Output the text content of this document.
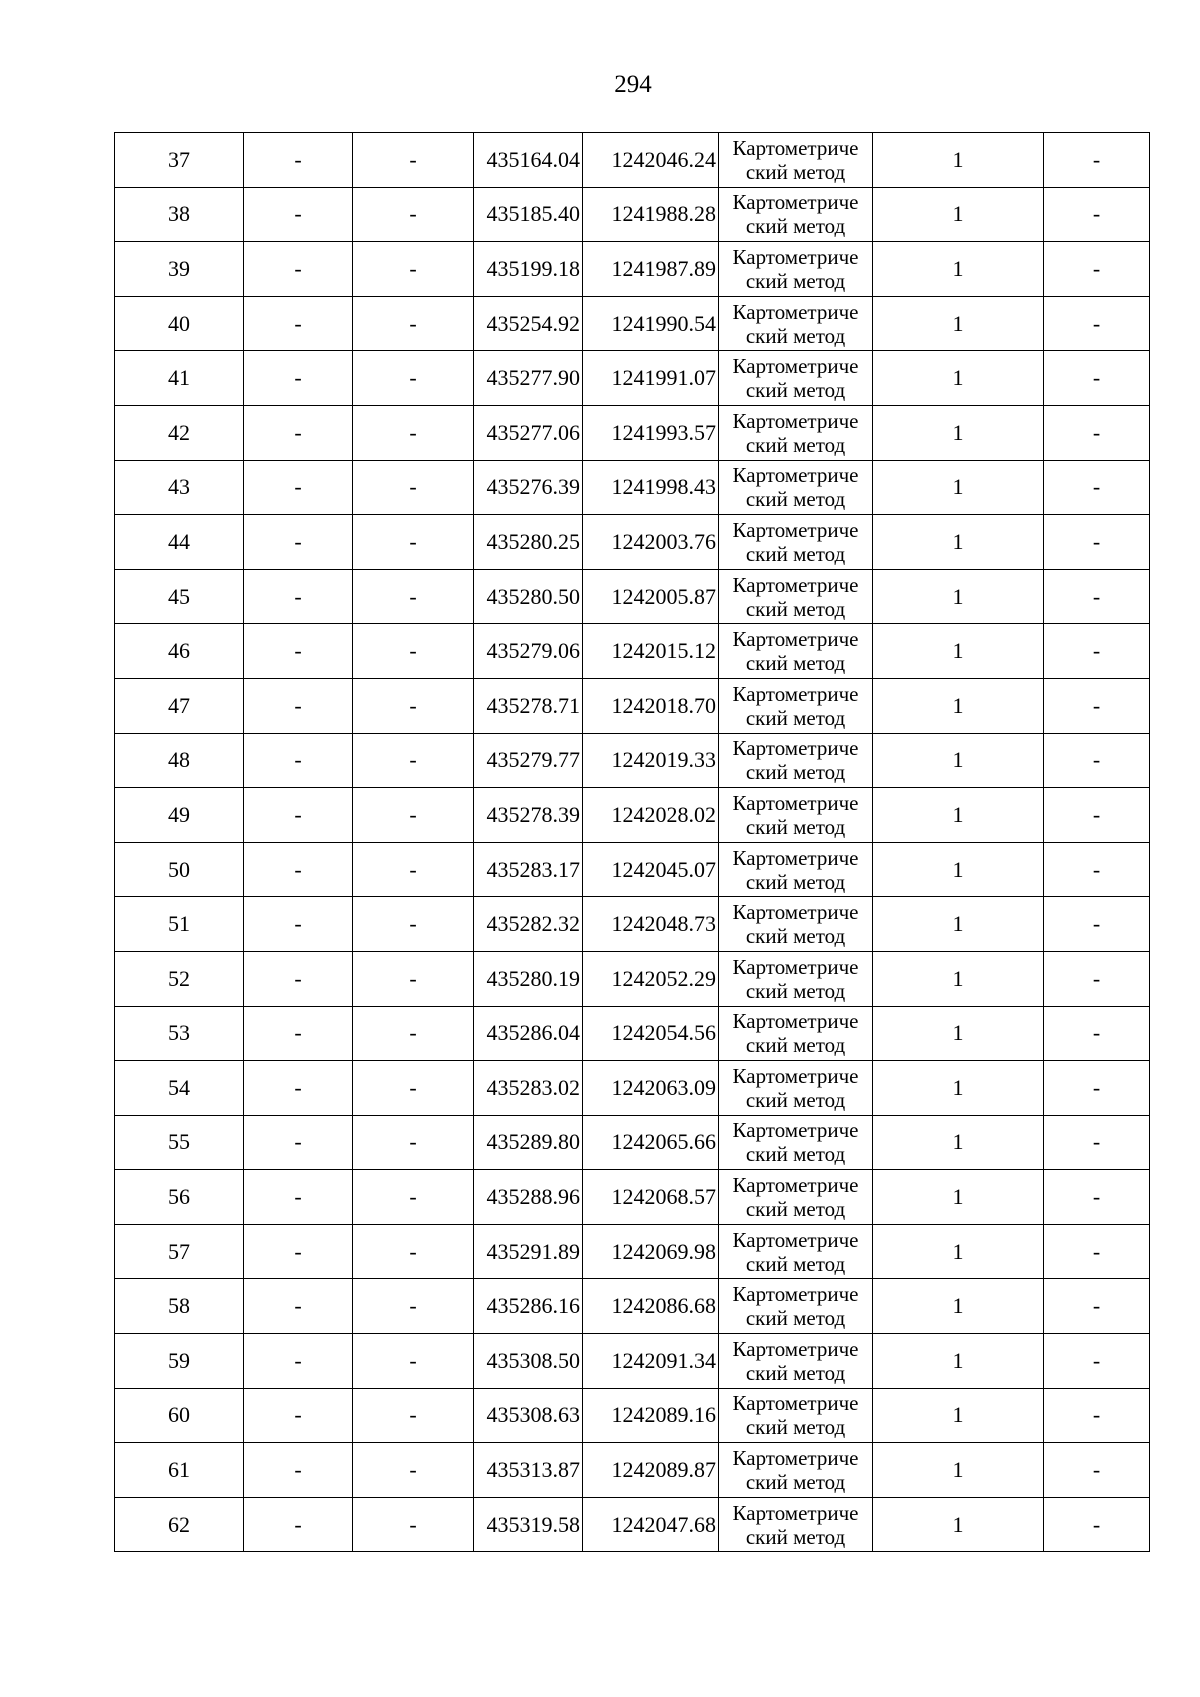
294
37	-	-	435164.04	1242046.24	Картометриче
ский метод	1	-
38	-	-	435185.40	1241988.28	Картометриче
ский метод	1	-
39	-	-	435199.18	1241987.89	Картометриче
ский метод	1	-
40	-	-	435254.92	1241990.54	Картометриче
ский метод	1	-
41	-	-	435277.90	1241991.07	Картометриче
ский метод	1	-
42	-	-	435277.06	1241993.57	Картометриче
ский метод	1	-
43	-	-	435276.39	1241998.43	Картометриче
ский метод	1	-
44	-	-	435280.25	1242003.76	Картометриче
ский метод	1	-
45	-	-	435280.50	1242005.87	Картометриче
ский метод	1	-
46	-	-	435279.06	1242015.12	Картометриче
ский метод	1	-
47	-	-	435278.71	1242018.70	Картометриче
ский метод	1	-
48	-	-	435279.77	1242019.33	Картометриче
ский метод	1	-
49	-	-	435278.39	1242028.02	Картометриче
ский метод	1	-
50	-	-	435283.17	1242045.07	Картометриче
ский метод	1	-
51	-	-	435282.32	1242048.73	Картометриче
ский метод	1	-
52	-	-	435280.19	1242052.29	Картометриче
ский метод	1	-
53	-	-	435286.04	1242054.56	Картометриче
ский метод	1	-
54	-	-	435283.02	1242063.09	Картометриче
ский метод	1	-
55	-	-	435289.80	1242065.66	Картометриче
ский метод	1	-
56	-	-	435288.96	1242068.57	Картометриче
ский метод	1	-
57	-	-	435291.89	1242069.98	Картометриче
ский метод	1	-
58	-	-	435286.16	1242086.68	Картометриче
ский метод	1	-
59	-	-	435308.50	1242091.34	Картометриче
ский метод	1	-
60	-	-	435308.63	1242089.16	Картометриче
ский метод	1	-
61	-	-	435313.87	1242089.87	Картометриче
ский метод	1	-
62	-	-	435319.58	1242047.68	Картометриче
ский метод	1	-
